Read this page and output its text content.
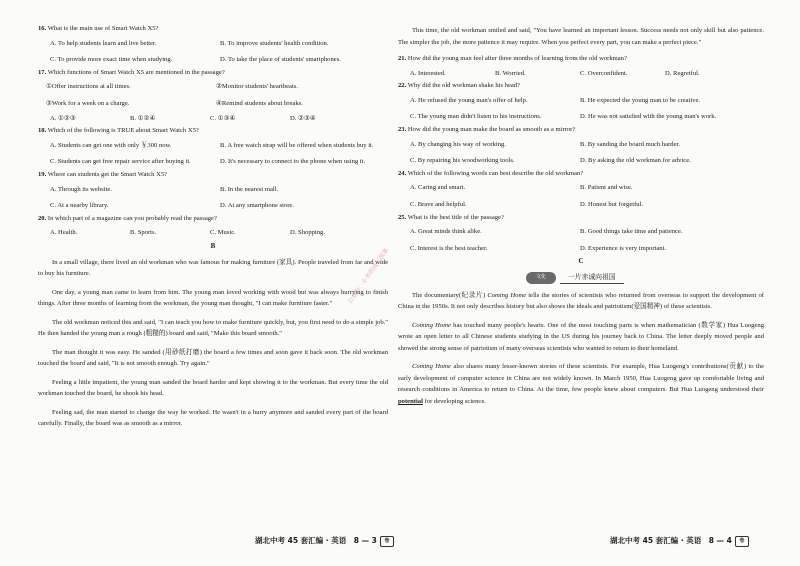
16. What is the main use of Smart Watch X5?
A. To help students learn and live better.	B. To improve students' health condition.
C. To provide more exact time when studying.	D. To take the place of students' smartphones.
17. Which functions of Smart Watch X5 are mentioned in the passage?
①Offer instructions at all times.	②Monitor students' heartbeats.
③Work for a week on a charge.	④Remind students about breaks.
A. ①②③	B. ①②④	C. ①③④	D. ②③④
18. Which of the following is TRUE about Smart Watch X5?
A. Students can get one with only ￥300 now.	B. A free watch strap will be offered when students buy it.
C. Students can get free repair service after buying it.	D. It's necessary to connect to the phone when using it.
19. Where can students get the Smart Watch X5?
A. Through its website.	B. In the nearest mall.
C. At a nearby library.	D. At any smartphone store.
20. In which part of a magazine can you probably read the passage?
A. Health.	B. Sports.	C. Music.	D. Shopping.
B

In a small village, there lived an old workman who was famous for making furniture (家具). People traveled from far and wide to buy his furniture.

One day, a young man came to learn from him. The young man loved working with wood but was always hurrying to finish things. After three months of learning from the workman, the young man thought, "I can make furniture faster."

The old workman noticed this and said, "I can teach you how to make furniture quickly, but, you first need to do a simple job." He then handed the young man a rough (粗糙的) board and said, "Make this board smooth."

The man thought it was easy. He sanded (用砂纸打磨) the board a few times and soon gave it back soon. The old workman touched the board and said, "It is not smooth enough. Try again."

Feeling a little impatient, the young man sanded the board harder and kept showing it to the workman. But every time the old workman touched the board, he shook his head.

Feeling sad, the man started to change the way he worked. He wasn't in a hurry anymore and sanded every part of the board carefully. Finally, the board was as smooth as a mirror.

This time, the old workman smiled and said, "You have learned an important lesson. Success needs not only skill but also patience. The simpler the job, the more patience it may require. When you perfect every part, you can make a perfect piece."

21. How did the young man feel after three months of learning from the old workman?
A. Interested.	B. Worried.	C. Overconfident.	D. Regretful.
22. Why did the old workman shake his head?
A. He refused the young man's offer of help.	B. He expected the young man to be creative.
C. The young man didn't listen to his instructions.	D. He was not satisfied with the young man's work.
23. How did the young man make the board as smooth as a mirror?
A. By changing his way of working.	B. By sanding the board much harder.
C. By repairing his woodworking tools.	D. By asking the old workman for advice.
24. Which of the following words can best describe the old workman?
A. Caring and smart.	B. Patient and wise.
C. Brave and helpful.	D. Honest but forgetful.
25. What is the best title of the passage?
A. Great minds think alike.	B. Good things take time and patience.
C. Interest is the best teacher.	D. Experience is very important.
C
文化	一片赤诚向祖国

The documentary(纪录片) Coming Home tells the stories of scientists who returned from overseas to support the development of China in the 1950s. It not only describes history but also shows the ideals and patriotism(爱国精神) of these scientists.

Coming Home has touched many people's hearts. One of the most touching parts is when mathematician (数学家) Hua Luogeng wrote an open letter to all Chinese students studying in the US during his journey back to China. The letter deeply moved people and showed the strong sense of patriotism of many overseas scientists who wanted to return to their homeland.

Coming Home also shares many lesser-known stories of these scientists. For example, Hua Luogeng's contributions(贡献) to the early development of computer science in China are not widely known. In March 1950, Hua Luogeng gave up comfortable living and research conditions in America to return to China. At the time, few people knew about computers. But Hua Luogeng understood their potential for developing science.

湖北中考 45 套汇编 · 英语　8 — 3 卷	湖北中考 45 套汇编 · 英语　8 — 4 卷
公众号：小米的成长故事
